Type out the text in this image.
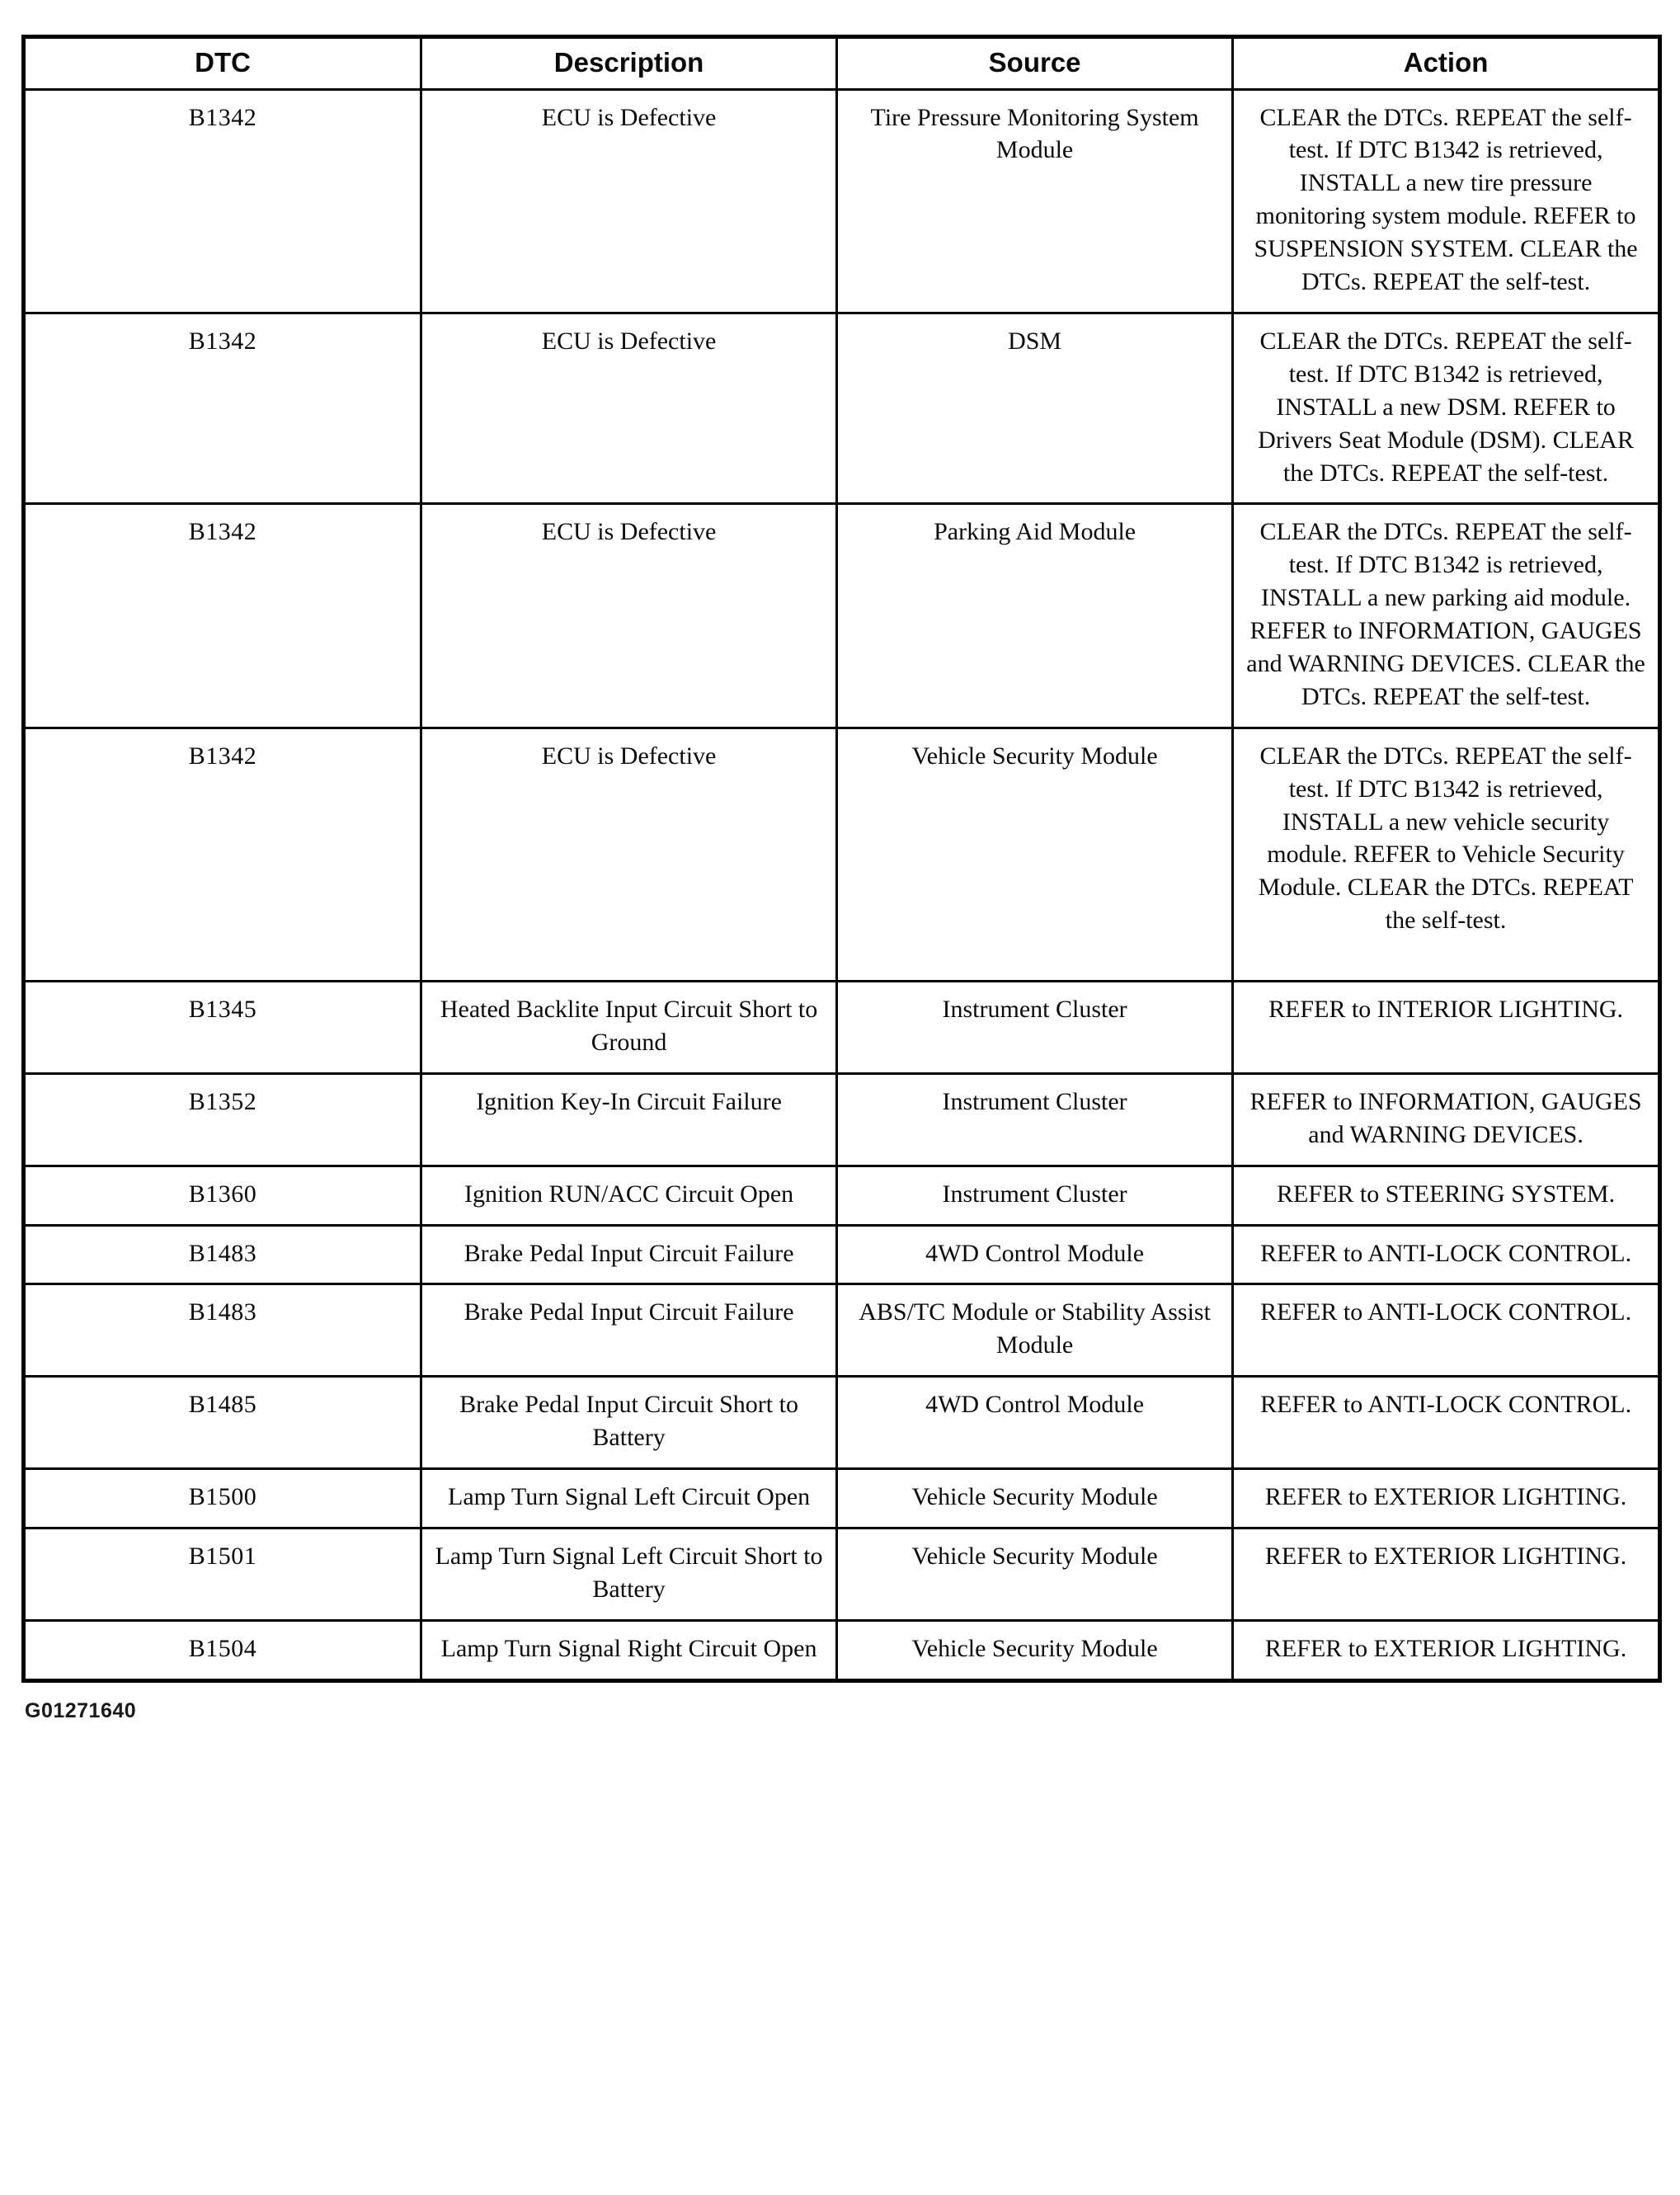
DTC	Description	Source	Action
B1342	ECU is Defective	Tire Pressure Monitoring System Module	CLEAR the DTCs. REPEAT the self-test. If DTC B1342 is retrieved, INSTALL a new tire pressure monitoring system module. REFER to SUSPENSION SYSTEM. CLEAR the DTCs. REPEAT the self-test.
B1342	ECU is Defective	DSM	CLEAR the DTCs. REPEAT the self-test. If DTC B1342 is retrieved, INSTALL a new DSM. REFER to Drivers Seat Module (DSM). CLEAR the DTCs. REPEAT the self-test.
B1342	ECU is Defective	Parking Aid Module	CLEAR the DTCs. REPEAT the self-test. If DTC B1342 is retrieved, INSTALL a new parking aid module. REFER to INFORMATION, GAUGES and WARNING DEVICES. CLEAR the DTCs. REPEAT the self-test.
B1342	ECU is Defective	Vehicle Security Module	CLEAR the DTCs. REPEAT the self-test. If DTC B1342 is retrieved, INSTALL a new vehicle security module. REFER to Vehicle Security Module. CLEAR the DTCs. REPEAT the self-test.
B1345	Heated Backlite Input Circuit Short to Ground	Instrument Cluster	REFER to INTERIOR LIGHTING.
B1352	Ignition Key-In Circuit Failure	Instrument Cluster	REFER to INFORMATION, GAUGES and WARNING DEVICES.
B1360	Ignition RUN/ACC Circuit Open	Instrument Cluster	REFER to STEERING SYSTEM.
B1483	Brake Pedal Input Circuit Failure	4WD Control Module	REFER to ANTI-LOCK CONTROL.
B1483	Brake Pedal Input Circuit Failure	ABS/TC Module or Stability Assist Module	REFER to ANTI-LOCK CONTROL.
B1485	Brake Pedal Input Circuit Short to Battery	4WD Control Module	REFER to ANTI-LOCK CONTROL.
B1500	Lamp Turn Signal Left Circuit Open	Vehicle Security Module	REFER to EXTERIOR LIGHTING.
B1501	Lamp Turn Signal Left Circuit Short to Battery	Vehicle Security Module	REFER to EXTERIOR LIGHTING.
B1504	Lamp Turn Signal Right Circuit Open	Vehicle Security Module	REFER to EXTERIOR LIGHTING.
G01271640
